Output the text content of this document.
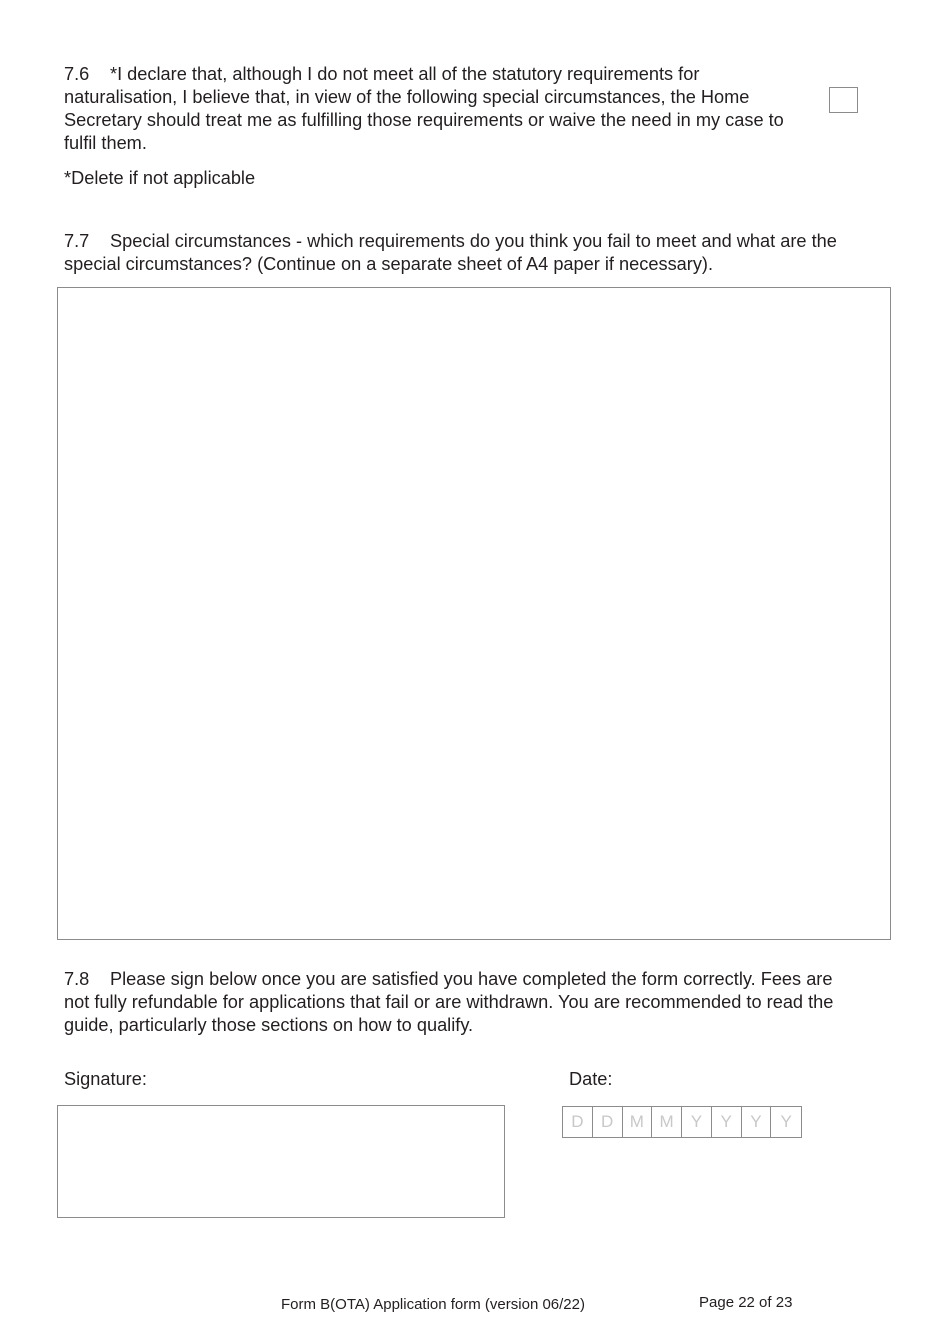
7.6 *I declare that, although I do not meet all of the statutory requirements for
naturalisation, I believe that, in view of the following special circumstances, the Home
Secretary should treat me as fulfilling those requirements or waive the need in my case to
fulfil them.
*Delete if not applicable
7.7 Special circumstances - which requirements do you think you fail to meet and what are the
special circumstances? (Continue on a separate sheet of A4 paper if necessary).
7.8 Please sign below once you are satisfied you have completed the form correctly. Fees are
not fully refundable for applications that fail or are withdrawn. You are recommended to read the
guide, particularly those sections on how to qualify.
Signature:	Date:
D	D M M	Y	Y	Y	Y
Form B(OTA) Application form (version 06/22)	Page 22 of 23
